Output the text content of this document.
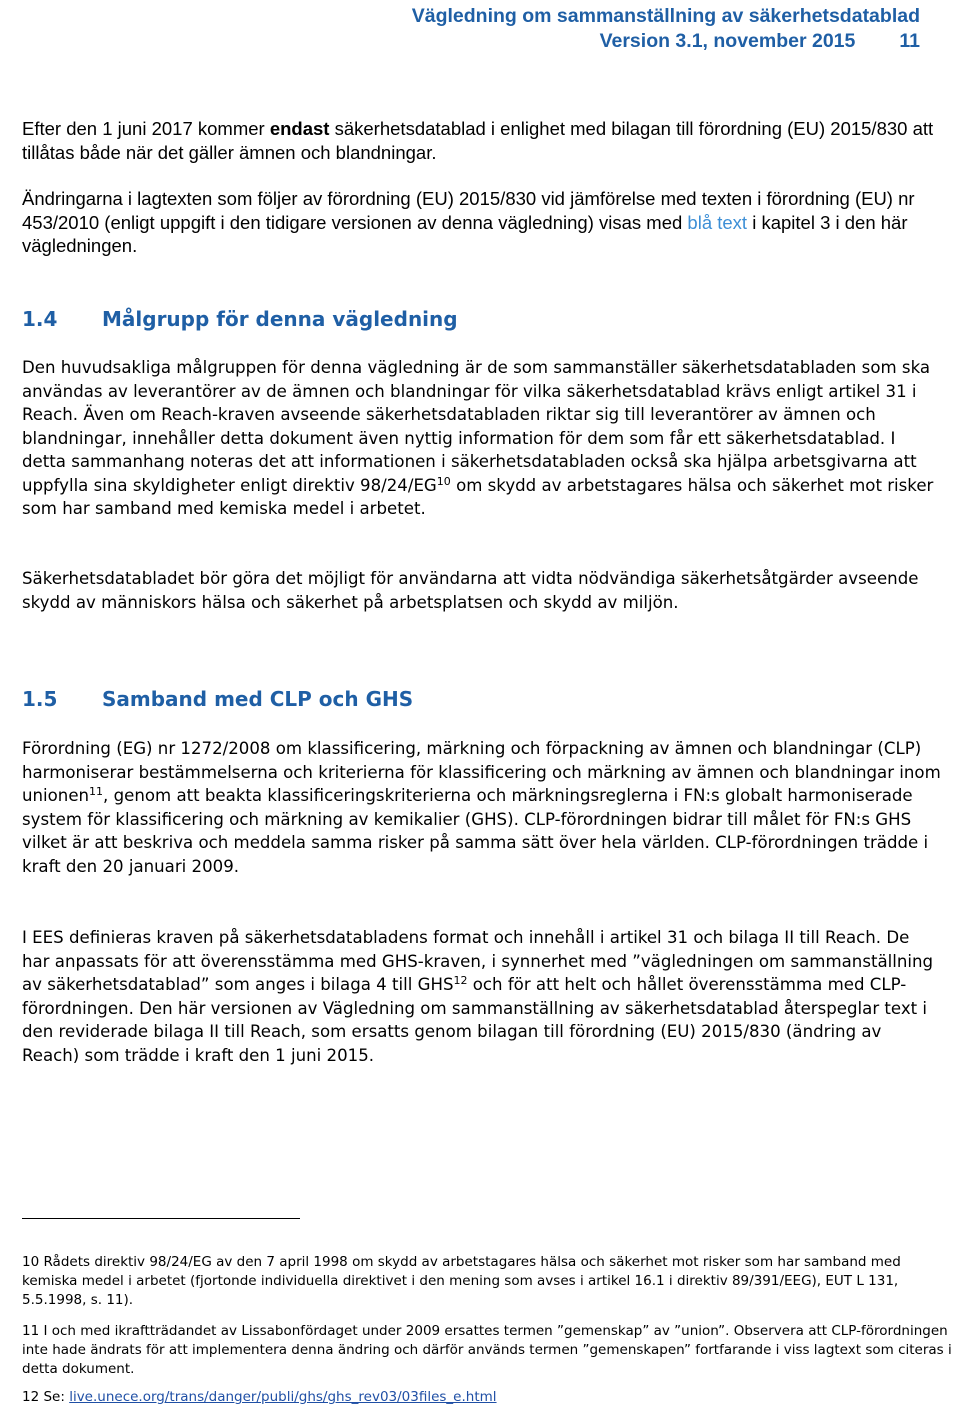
Vägledning om sammanställning av säkerhetsdatablad
Version 3.1, november 2015 11
Efter den 1 juni 2017 kommer endast säkerhetsdatablad i enlighet med bilagan till förordning (EU) 2015/830 att tillåtas både när det gäller ämnen och blandningar.
Ändringarna i lagtexten som följer av förordning (EU) 2015/830 vid jämförelse med texten i förordning (EU) nr 453/2010 (enligt uppgift i den tidigare versionen av denna vägledning) visas med blå text i kapitel 3 i den här vägledningen.
1.4 Målgrupp för denna vägledning
Den huvudsakliga målgruppen för denna vägledning är de som sammanställer säkerhetsdatabladen som ska användas av leverantörer av de ämnen och blandningar för vilka säkerhetsdatablad krävs enligt artikel 31 i Reach. Även om Reach-kraven avseende säkerhetsdatabladen riktar sig till leverantörer av ämnen och blandningar, innehåller detta dokument även nyttig information för dem som får ett säkerhetsdatablad. I detta sammanhang noteras det att informationen i säkerhetsdatabladen också ska hjälpa arbetsgivarna att uppfylla sina skyldigheter enligt direktiv 98/24/EG$^{10}$ om skydd av arbetstagares hälsa och säkerhet mot risker som har samband med kemiska medel i arbetet.
Säkerhetsdatabladet bör göra det möjligt för användarna att vidta nödvändiga säkerhetsåtgärder avseende skydd av människors hälsa och säkerhet på arbetsplatsen och skydd av miljön.
1.5 Samband med CLP och GHS
Förordning (EG) nr 1272/2008 om klassificering, märkning och förpackning av ämnen och blandningar (CLP) harmoniserar bestämmelserna och kriterierna för klassificering och märkning av ämnen och blandningar inom unionen$^{11}$, genom att beakta klassificeringskriterierna och märkningsreglerna i FN:s globalt harmoniserade system för klassificering och märkning av kemikalier (GHS). CLP-förordningen bidrar till målet för FN:s GHS vilket är att beskriva och meddela samma risker på samma sätt över hela världen. CLP-förordningen trädde i kraft den 20 januari 2009.
I EES definieras kraven på säkerhetsdatabladens format och innehåll i artikel 31 och bilaga II till Reach. De har anpassats för att överensstämma med GHS-kraven, i synnerhet med ”vägledningen om sammanställning av säkerhetsdatablad” som anges i bilaga 4 till GHS$^{12}$ och för att helt och hållet överensstämma med CLP-förordningen. Den här versionen av Vägledning om sammanställning av säkerhetsdatablad återspeglar text i den reviderade bilaga II till Reach, som ersatts genom bilagan till förordning (EU) 2015/830 (ändring av Reach) som trädde i kraft den 1 juni 2015.
10 Rådets direktiv 98/24/EG av den 7 april 1998 om skydd av arbetstagares hälsa och säkerhet mot risker som har samband med kemiska medel i arbetet (fjortonde individuella direktivet i den mening som avses i artikel 16.1 i direktiv 89/391/EEG), EUT L 131, 5.5.1998, s. 11).
11 I och med ikraftträdandet av Lissabonfördaget under 2009 ersattes termen ”gemenskap” av ”union”. Observera att CLP-förordningen inte hade ändrats för att implementera denna ändring och därför används termen ”gemenskapen” fortfarande i viss lagtext som citeras i detta dokument.
12 Se: live.unece.org/trans/danger/publi/ghs/ghs_rev03/03files_e.html
